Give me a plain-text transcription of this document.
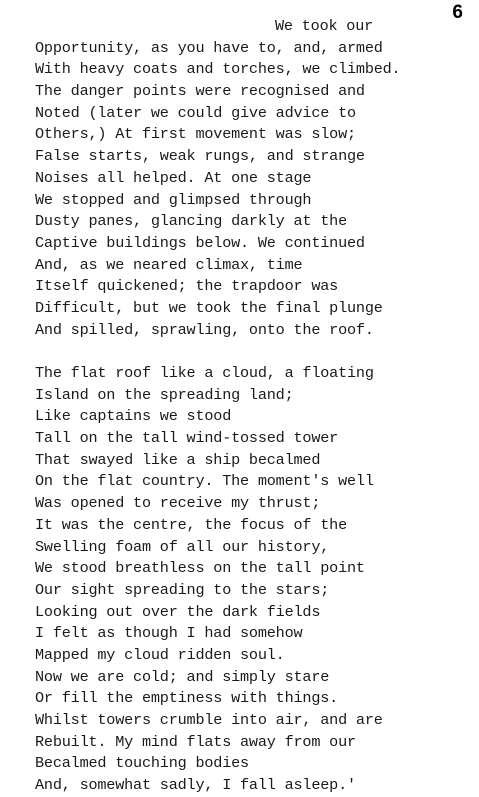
6
We took our
Opportunity, as you have to, and, armed
With heavy coats and torches, we climbed.
The danger points were recognised and
Noted (later we could give advice to
Others,) At first movement was slow;
False starts, weak rungs, and strange
Noises all helped. At one stage
We stopped and glimpsed through
Dusty panes, glancing darkly at the
Captive buildings below. We continued
And, as we neared climax, time
Itself quickened; the trapdoor was
Difficult, but we took the final plunge
And spilled, sprawling, onto the roof.
The flat roof like a cloud, a floating
Island on the spreading land;
Like captains we stood
Tall on the tall wind-tossed tower
That swayed like a ship becalmed
On the flat country. The moment's well
Was opened to receive my thrust;
It was the centre, the focus of the
Swelling foam of all our history,
We stood breathless on the tall point
Our sight spreading to the stars;
Looking out over the dark fields
I felt as though I had somehow
Mapped my cloud ridden soul.
Now we are cold; and simply stare
Or fill the emptiness with things.
Whilst towers crumble into air, and are
Rebuilt. My mind flats away from our
Becalmed touching bodies
And, somewhat sadly, I fall asleep.'
